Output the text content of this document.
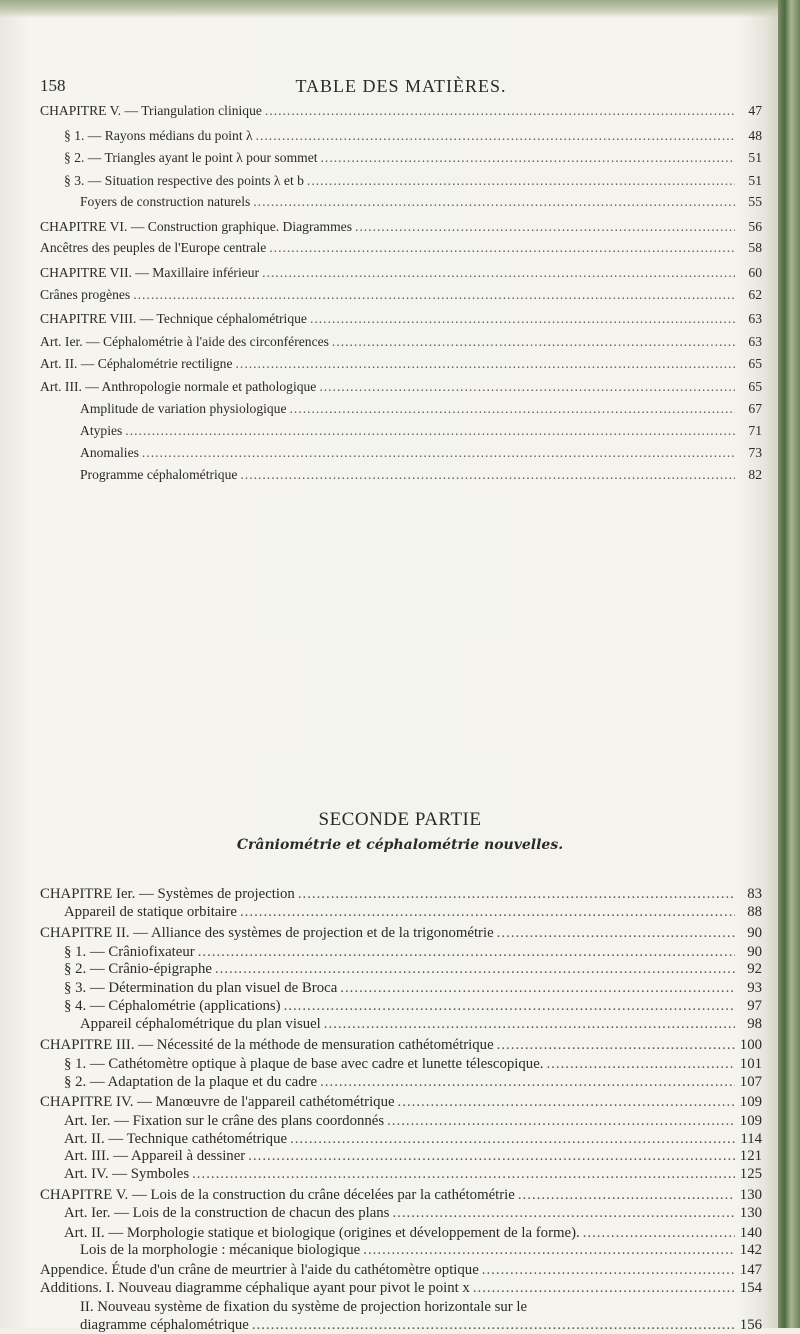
158	TABLE DES MATIÈRES.
CHAPITRE V. — Triangulation clinique .....	47
§ 1. — Rayons médians du point λ .....	48
§ 2. — Triangles ayant le point λ pour sommet .....	51
§ 3. — Situation respective des points λ et b .....	51
Foyers de construction naturels .....	55
CHAPITRE VI. — Construction graphique. Diagrammes .....	56
Ancêtres des peuples de l'Europe centrale .....	58
CHAPITRE VII. — Maxillaire inférieur .....	60
Crânes progènes .....	62
CHAPITRE VIII. — Technique céphalométrique .....	63
Art. Ier. — Céphalométrie à l'aide des circonférences .....	63
Art. II. — Céphalométrie rectiligne .....	65
Art. III. — Anthropologie normale et pathologique .....	65
Amplitude de variation physiologique .....	67
Atypies .....	71
Anomalies .....	73
Programme céphalométrique .....	82
SECONDE PARTIE
Crâniométrie et céphalométrie nouvelles.
CHAPITRE Ier. — Systèmes de projection .....	83
Appareil de statique orbitaire .....	88
CHAPITRE II. — Alliance des systèmes de projection et de la trigonométrie .....	90
§ 1. — Crâniofixateur .....	90
§ 2. — Crânio-épigraphe .....	92
§ 3. — Détermination du plan visuel de Broca .....	93
§ 4. — Céphalométrie (applications) .....	97
Appareil céphalométrique du plan visuel .....	98
CHAPITRE III. — Nécessité de la méthode de mensuration cathétométrique .....	100
§ 1. — Cathétomètre optique à plaque de base avec cadre et lunette télescopique. .....	101
§ 2. — Adaptation de la plaque et du cadre .....	107
CHAPITRE IV. — Manœuvre de l'appareil cathétométrique .....	109
Art. Ier. — Fixation sur le crâne des plans coordonnés .....	109
Art. II. — Technique cathétométrique .....	114
Art. III. — Appareil à dessiner .....	121
Art. IV. — Symboles .....	125
CHAPITRE V. — Lois de la construction du crâne décelées par la cathétométrie .....	130
Art. Ier. — Lois de la construction de chacun des plans .....	130
Art. II. — Morphologie statique et biologique (origines et développement de la forme). .....	140
Lois de la morphologie : mécanique biologique .....	142
Appendice. Étude d'un crâne de meurtrier à l'aide du cathétomètre optique .....	147
Additions. I. Nouveau diagramme céphalique ayant pour pivot le point x .....	154
II. Nouveau système de fixation du système de projection horizontale sur le
diagramme céphalométrique .....	156
